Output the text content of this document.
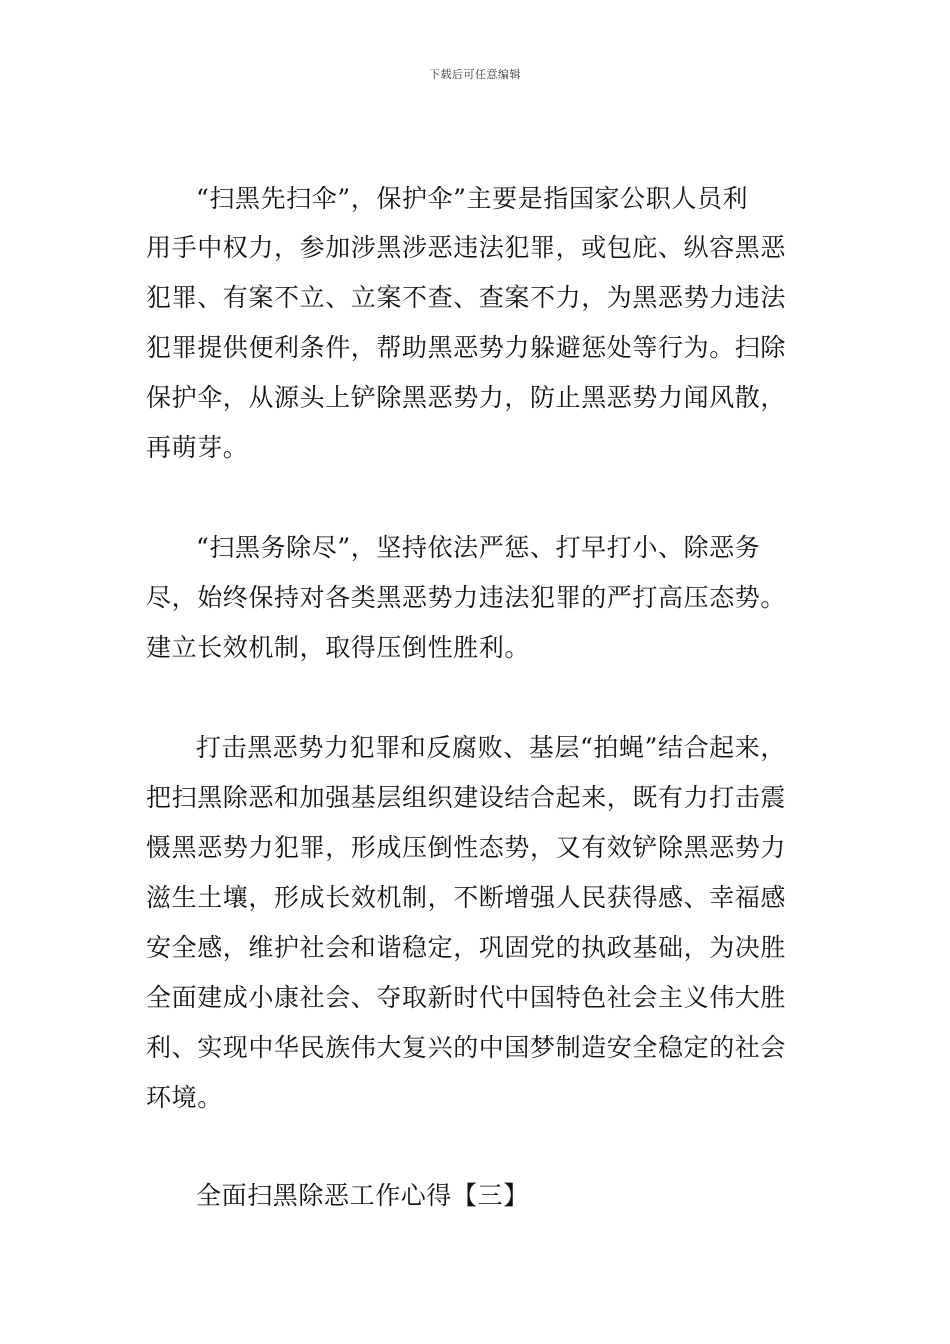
下载后可任意编辑
“扫黑先扫伞”，保护伞”主要是指国家公职人员利
用手中权力，参加涉黑涉恶违法犯罪，或包庇、纵容黑恶
犯罪、有案不立、立案不查、查案不力，为黑恶势力违法
犯罪提供便利条件，帮助黑恶势力躲避惩处等行为。扫除
保护伞，从源头上铲除黑恶势力，防止黑恶势力闻风散，
再萌芽。
“扫黑务除尽”，坚持依法严惩、打早打小、除恶务
尽，始终保持对各类黑恶势力违法犯罪的严打高压态势。
建立长效机制，取得压倒性胜利。
打击黑恶势力犯罪和反腐败、基层“拍蝇”结合起来，
把扫黑除恶和加强基层组织建设结合起来，既有力打击震
慑黑恶势力犯罪，形成压倒性态势，又有效铲除黑恶势力
滋生土壤，形成长效机制，不断增强人民获得感、幸福感
安全感，维护社会和谐稳定，巩固党的执政基础，为决胜
全面建成小康社会、夺取新时代中国特色社会主义伟大胜
利、实现中华民族伟大复兴的中国梦制造安全稳定的社会
环境。
全面扫黑除恶工作心得【三】
